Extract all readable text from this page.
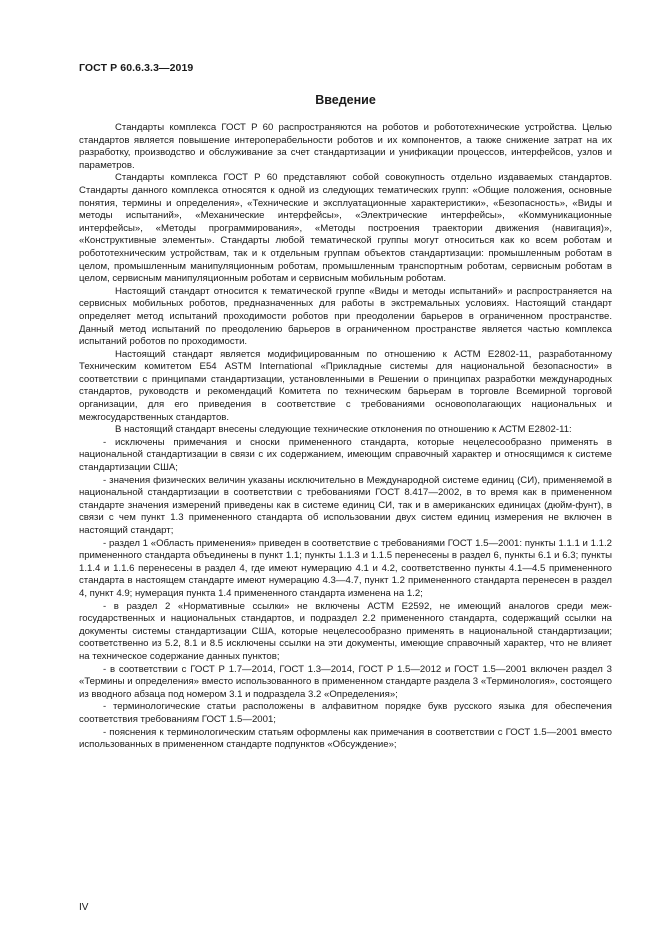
ГОСТ Р 60.6.3.3—2019
Введение

Стандарты комплекса ГОСТ Р 60 распространяются на роботов и робототехнические устройства. Целью стандартов является повышение интероперабельности роботов и их компонентов, а также снижение затрат на их разработку, производство и обслуживание за счет стандартизации и унификации процессов, интерфейсов, узлов и параметров.

Стандарты комплекса ГОСТ Р 60 представляют собой совокупность отдельно издаваемых стандартов. Стандарты данного комплекса относятся к одной из следующих тематических групп: «Общие положения, основные понятия, термины и определения», «Технические и эксплуатационные характеристики», «Безопасность», «Виды и методы испытаний», «Механические интерфейсы», «Электрические интерфейсы», «Коммуникационные интерфейсы», «Методы программирования», «Методы построения траектории движения (навигация)», «Конструктивные элементы». Стандарты любой тематической группы могут относиться как ко всем роботам и робототехническим устройствам, так и к отдельным группам объектов стандартизации: промышленным роботам в целом, промышленным манипуляционным роботам, промышленным транспортным роботам, сервисным роботам в целом, сервисным манипуляционным роботам и сервисным мобильным роботам.

Настоящий стандарт относится к тематической группе «Виды и методы испытаний» и распространяется на сервисных мобильных роботов, предназначенных для работы в экстремальных условиях. Настоящий стандарт определяет метод испытаний проходимости роботов при преодолении барьеров в ограниченном пространстве. Данный метод испытаний по преодолению барьеров в ограниченном пространстве является частью комплекса испытаний роботов по проходимости.

Настоящий стандарт является модифицированным по отношению к АСТМ Е2802-11, разработанному Техническим комитетом Е54 ASTM International «Прикладные системы для национальной безопасности» в соответствии с принципами стандартизации, установленными в Решении о принципах разработки международных стандартов, руководств и рекомендаций Комитета по техническим барьерам в торговле Всемирной торговой организации, для его приведения в соответствие с требованиями основополагающих национальных и межгосударственных стандартов.

В настоящий стандарт внесены следующие технические отклонения по отношению к АСТМ Е2802-11:

- исключены примечания и сноски примененного стандарта, которые нецелесообразно применять в национальной стандартизации в связи с их содержанием, имеющим справочный характер и относящимся к системе стандартизации США;

- значения физических величин указаны исключительно в Международной системе единиц (СИ), применяемой в национальной стандартизации в соответствии с требованиями ГОСТ 8.417—2002, в то время как в примененном стандарте значения измерений приведены как в системе единиц СИ, так и в американских единицах (дюйм-фунт), в связи с чем пункт 1.3 примененного стандарта об использовании двух систем единиц измерения не включен в настоящий стандарт;

- раздел 1 «Область применения» приведен в соответствие с требованиями ГОСТ 1.5—2001: пункты 1.1.1 и 1.1.2 примененного стандарта объединены в пункт 1.1; пункты 1.1.3 и 1.1.5 перенесены в раздел 6, пункты 6.1 и 6.3; пункты 1.1.4 и 1.1.6 перенесены в раздел 4, где имеют нумерацию 4.1 и 4.2, соответственно пункты 4.1—4.5 примененного стандарта в настоящем стандарте имеют нумерацию 4.3—4.7, пункт 1.2 примененного стандарта перенесен в раздел 4, пункт 4.9; нумерация пункта 1.4 примененного стандарта изменена на 1.2;

- в раздел 2 «Нормативные ссылки» не включены АСТМ Е2592, не имеющий аналогов среди межгосударственных и национальных стандартов, и подраздел 2.2 примененного стандарта, содержащий ссылки на документы системы стандартизации США, которые нецелесообразно применять в национальной стандартизации; соответственно из 5.2, 8.1 и 8.5 исключены ссылки на эти документы, имеющие справочный характер, что не влияет на техническое содержание данных пунктов;

- в соответствии с ГОСТ Р 1.7—2014, ГОСТ 1.3—2014, ГОСТ Р 1.5—2012 и ГОСТ 1.5—2001 включен раздел 3 «Термины и определения» вместо использованного в примененном стандарте раздела 3 «Терминология», состоящего из вводного абзаца под номером 3.1 и подраздела 3.2 «Определения»;

- терминологические статьи расположены в алфавитном порядке букв русского языка для обеспечения соответствия требованиям ГОСТ 1.5—2001;

- пояснения к терминологическим статьям оформлены как примечания в соответствии с ГОСТ 1.5—2001 вместо использованных в примененном стандарте подпунктов «Обсуждение»;

IV
